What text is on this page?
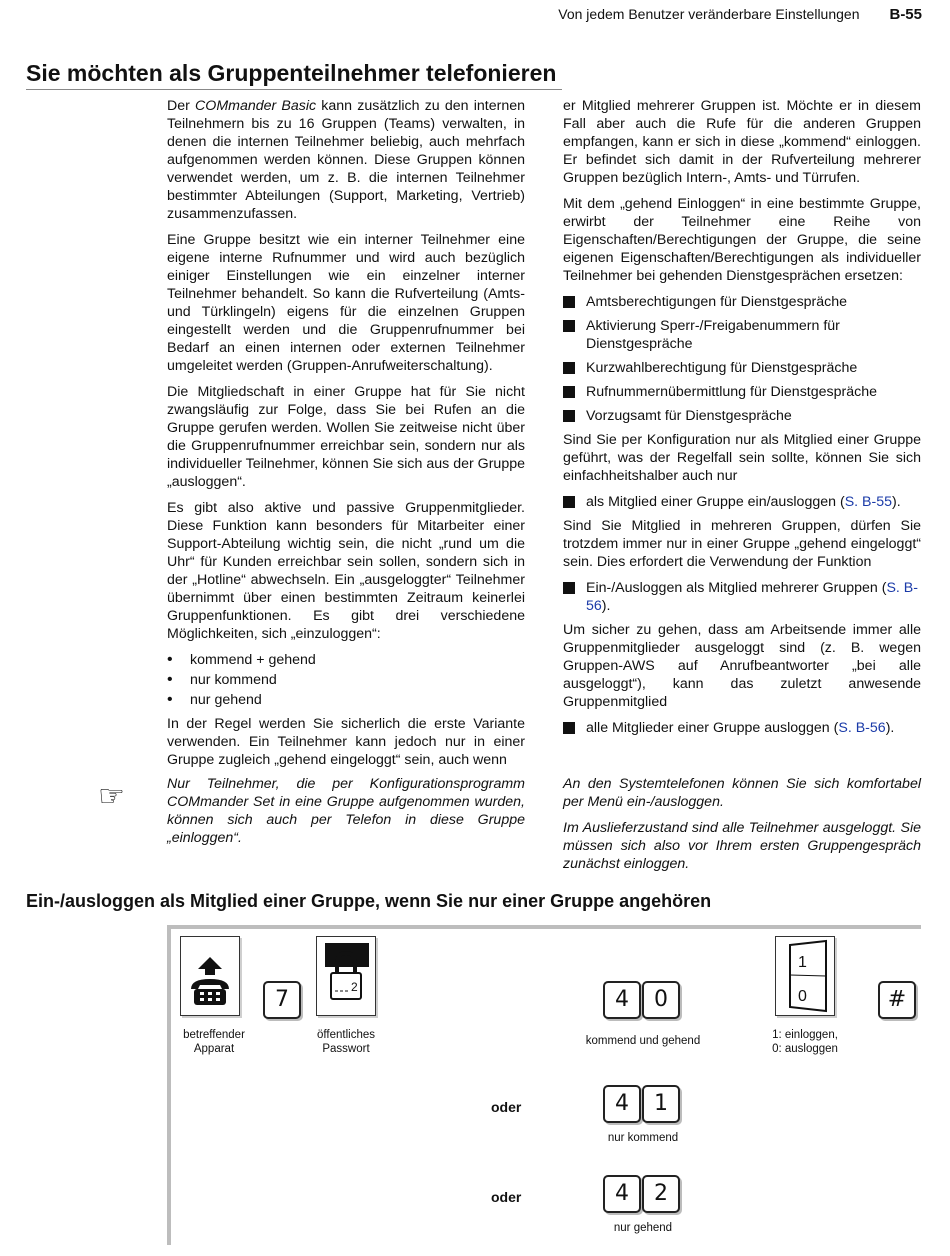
Von jedem Benutzer veränderbare Einstellungen B-55
Sie möchten als Gruppenteilnehmer telefonieren

Der COMmander Basic kann zusätzlich zu den internen Teilnehmern bis zu 16 Gruppen (Teams) verwalten, in denen die internen Teilnehmer beliebig, auch mehrfach aufgenommen werden können. Diese Gruppen können verwendet werden, um z. B. die internen Teilnehmer bestimmter Abteilungen (Support, Marketing, Vertrieb) zusammenzufassen.

Eine Gruppe besitzt wie ein interner Teilnehmer eine eigene interne Rufnummer und wird auch bezüglich einiger Einstellungen wie ein einzelner interner Teilnehmer behandelt. So kann die Rufverteilung (Amts- und Türklingeln) eigens für die einzelnen Gruppen eingestellt werden und die Gruppenrufnummer bei Bedarf an einen internen oder externen Teilnehmer umgeleitet werden (Gruppen-Anrufweiterschaltung).

Die Mitgliedschaft in einer Gruppe hat für Sie nicht zwangsläufig zur Folge, dass Sie bei Rufen an die Gruppe gerufen werden. Wollen Sie zeitweise nicht über die Gruppenrufnummer erreichbar sein, sondern nur als individueller Teilnehmer, können Sie sich aus der Gruppe „ausloggen“.

Es gibt also aktive und passive Gruppenmitglieder. Diese Funktion kann besonders für Mitarbeiter einer Support-Abteilung wichtig sein, die nicht „rund um die Uhr“ für Kunden erreichbar sein sollen, sondern sich in der „Hotline“ abwechseln. Ein „ausgeloggter“ Teilnehmer übernimmt über einen bestimmten Zeitraum keinerlei Gruppenfunktionen. Es gibt drei verschiedene Möglichkeiten, sich „einzuloggen“:

• kommend + gehend
• nur kommend
• nur gehend

In der Regel werden Sie sicherlich die erste Variante verwenden. Ein Teilnehmer kann jedoch nur in einer Gruppe zugleich „gehend eingeloggt“ sein, auch wenn

er Mitglied mehrerer Gruppen ist. Möchte er in diesem Fall aber auch die Rufe für die anderen Gruppen empfangen, kann er sich in diese „kommend“ einloggen. Er befindet sich damit in der Rufverteilung mehrerer Gruppen bezüglich Intern-, Amts- und Türrufen.

Mit dem „gehend Einloggen“ in eine bestimmte Gruppe, erwirbt der Teilnehmer eine Reihe von Eigenschaften/Berechtigungen der Gruppe, die seine eigenen Eigenschaften/Berechtigungen als individueller Teilnehmer bei gehenden Dienstgesprächen ersetzen:

Amtsberechtigungen für Dienstgespräche
Aktivierung Sperr-/Freigabenummern für Dienstgespräche
Kurzwahlberechtigung für Dienstgespräche
Rufnummernübermittlung für Dienstgespräche
Vorzugsamt für Dienstgespräche

Sind Sie per Konfiguration nur als Mitglied einer Gruppe geführt, was der Regelfall sein sollte, können Sie sich einfachheitshalber auch nur

als Mitglied einer Gruppe ein/ausloggen (S. B-55).

Sind Sie Mitglied in mehreren Gruppen, dürfen Sie trotzdem immer nur in einer Gruppe „gehend eingeloggt“ sein. Dies erfordert die Verwendung der Funktion

Ein-/Ausloggen als Mitglied mehrerer Gruppen (S. B-56).

Um sicher zu gehen, dass am Arbeitsende immer alle Gruppenmitglieder ausgeloggt sind (z. B. wegen Gruppen-AWS auf Anrufbeantworter „bei alle ausgeloggt“), kann das zuletzt anwesende Gruppenmitglied

alle Mitglieder einer Gruppe ausloggen (S. B-56).
☞	Nur Teilnehmer, die per Konfigurationsprogramm COMmander Set in eine Gruppe aufgenommen wurden, können sich auch per Telefon in diese Gruppe „einloggen“.

An den Systemtelefonen können Sie sich komfortabel per Menü ein-/ausloggen.

Im Auslieferzustand sind alle Teilnehmer ausgeloggt. Sie müssen sich also vor Ihrem ersten Gruppengespräch zunächst einloggen.

Ein-/ausloggen als Mitglied einer Gruppe, wenn Sie nur einer Gruppe angehören
betreffender
Apparat
7	2
öffentliches
Passwort
4	0
kommend und gehend
1
0
1: einloggen,
0: ausloggen
#
oder	4	1
nur kommend
oder	4	2
nur gehend
